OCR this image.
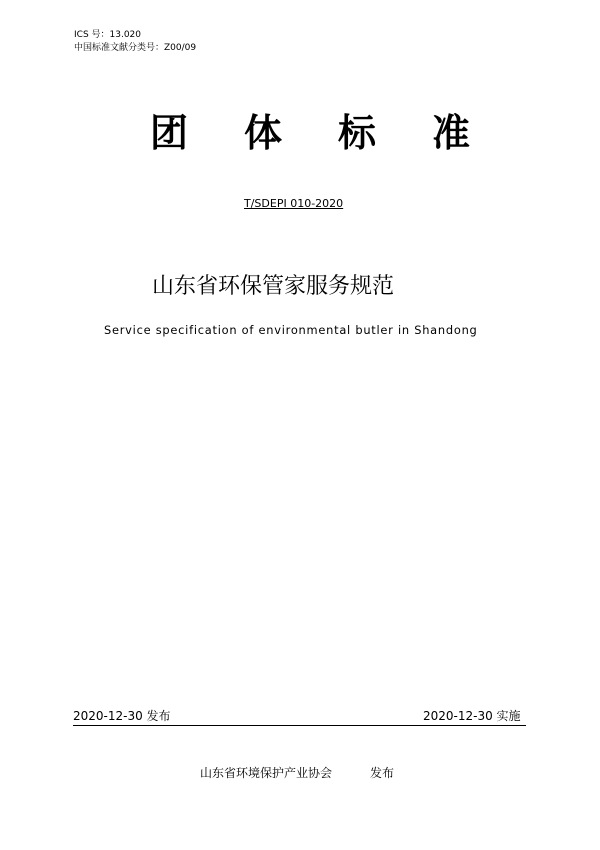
ICS 号：13.020
中国标准文献分类号：Z00/09
团 体 标 准
T/SDEPI 010-2020
山东省环保管家服务规范
Service specification of environmental butler in Shandong
2020-12-30 发布	2020-12-30 实施
山东省环境保护产业协会	发布
